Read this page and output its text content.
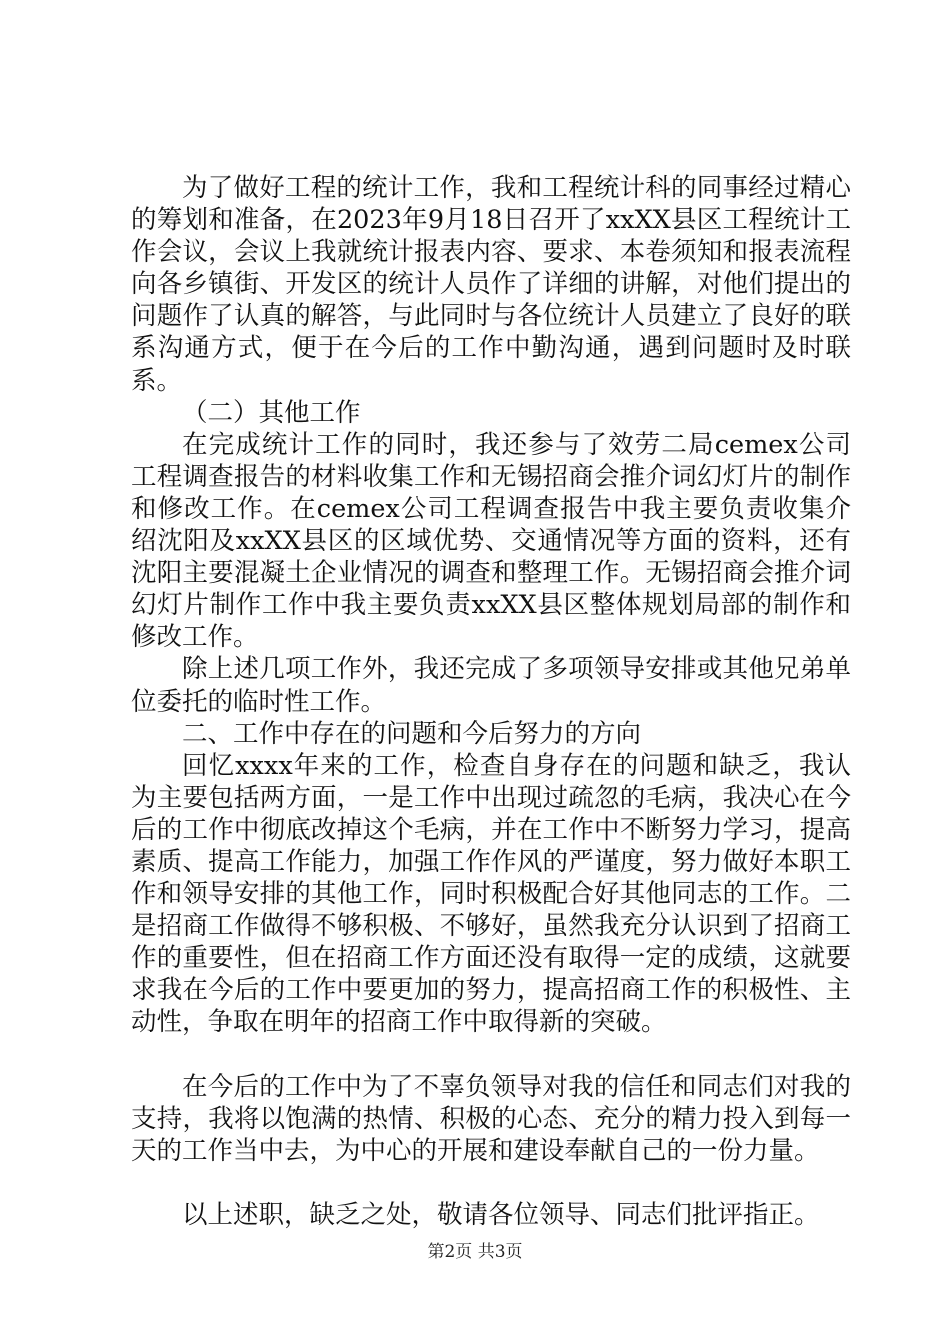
为了做好工程的统计工作，我和工程统计科的同事经过精心的筹划和准备，在2023年9月18日召开了xxXX县区工程统计工作会议，会议上我就统计报表内容、要求、本卷须知和报表流程向各乡镇街、开发区的统计人员作了详细的讲解，对他们提出的问题作了认真的解答，与此同时与各位统计人员建立了良好的联系沟通方式，便于在今后的工作中勤沟通，遇到问题时及时联系。

（二）其他工作

在完成统计工作的同时，我还参与了效劳二局cemex公司工程调查报告的材料收集工作和无锡招商会推介词幻灯片的制作和修改工作。在cemex公司工程调查报告中我主要负责收集介绍沈阳及xxXX县区的区域优势、交通情况等方面的资料，还有沈阳主要混凝土企业情况的调查和整理工作。无锡招商会推介词幻灯片制作工作中我主要负责xxXX县区整体规划局部的制作和修改工作。

除上述几项工作外，我还完成了多项领导安排或其他兄弟单位委托的临时性工作。

二、工作中存在的问题和今后努力的方向

回忆xxxx年来的工作，检查自身存在的问题和缺乏，我认为主要包括两方面，一是工作中出现过疏忽的毛病，我决心在今后的工作中彻底改掉这个毛病，并在工作中不断努力学习，提高素质、提高工作能力，加强工作作风的严谨度，努力做好本职工作和领导安排的其他工作，同时积极配合好其他同志的工作。二是招商工作做得不够积极、不够好，虽然我充分认识到了招商工作的重要性，但在招商工作方面还没有取得一定的成绩，这就要求我在今后的工作中要更加的努力，提高招商工作的积极性、主动性，争取在明年的招商工作中取得新的突破。

在今后的工作中为了不辜负领导对我的信任和同志们对我的支持，我将以饱满的热情、积极的心态、充分的精力投入到每一天的工作当中去，为中心的开展和建设奉献自己的一份力量。

以上述职，缺乏之处，敬请各位领导、同志们批评指正。

第2页 共3页
